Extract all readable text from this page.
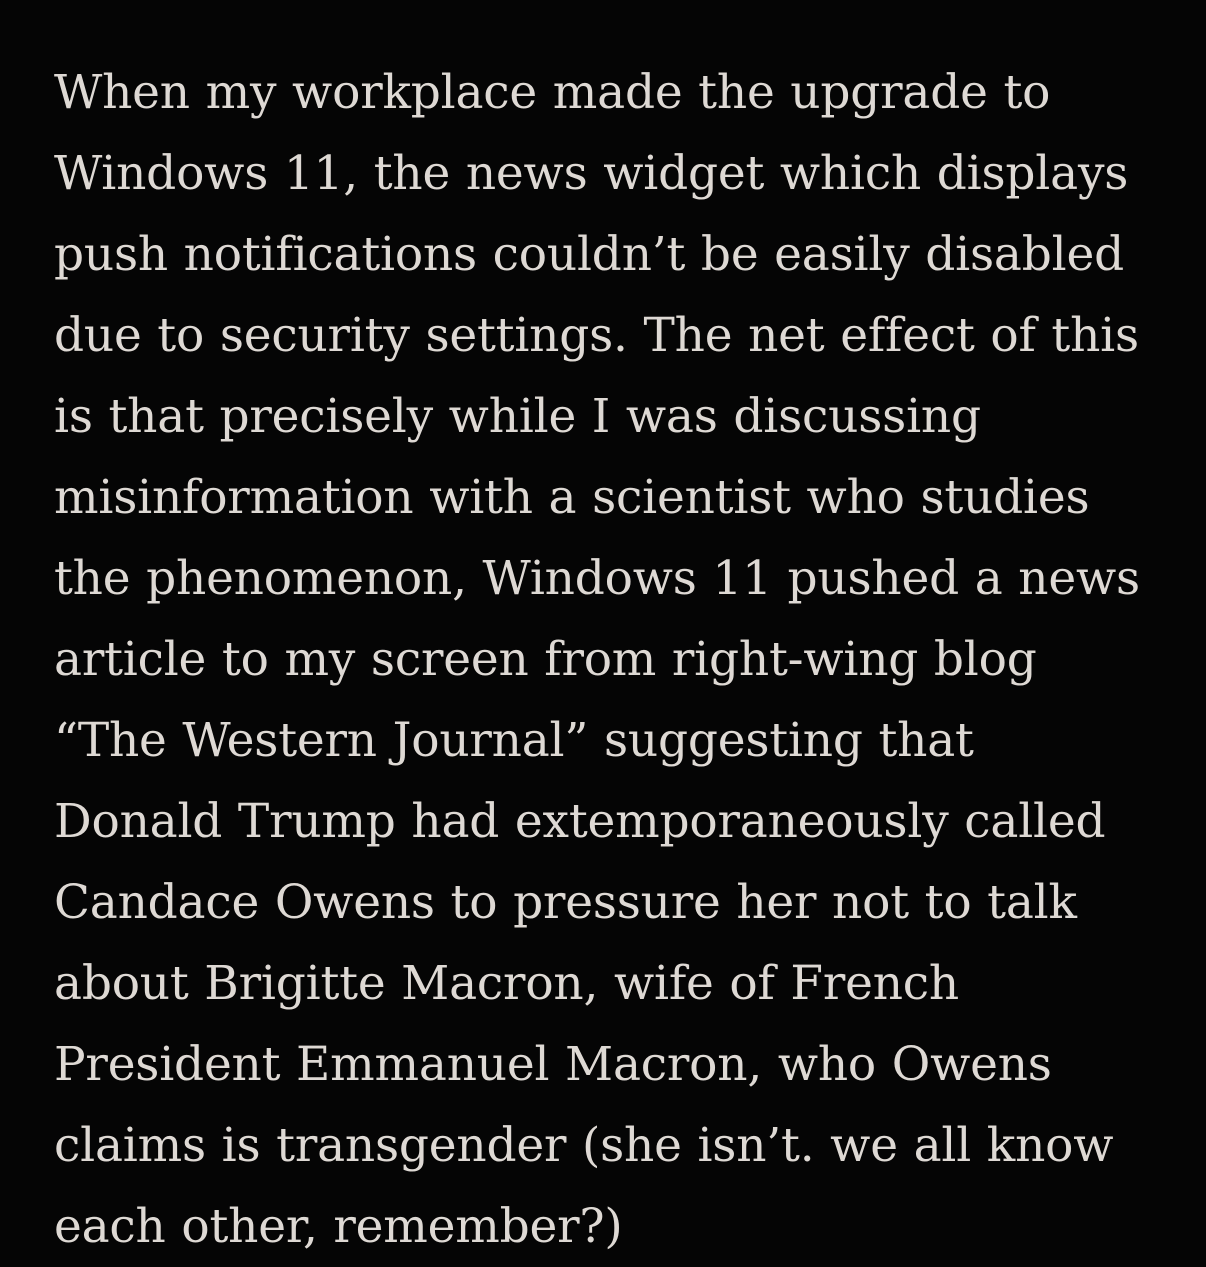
When my workplace made the upgrade to Windows 11, the news widget which displays push notifications couldn’t be easily disabled due to security settings. The net effect of this is that precisely while I was discussing misinformation with a scientist who studies the phenomenon, Windows 11 pushed a news article to my screen from right-wing blog “The Western Journal” suggesting that Donald Trump had extemporaneously called Candace Owens to pressure her not to talk about Brigitte Macron, wife of French President Emmanuel Macron, who Owens claims is transgender (she isn’t. we all know each other, remember?)
